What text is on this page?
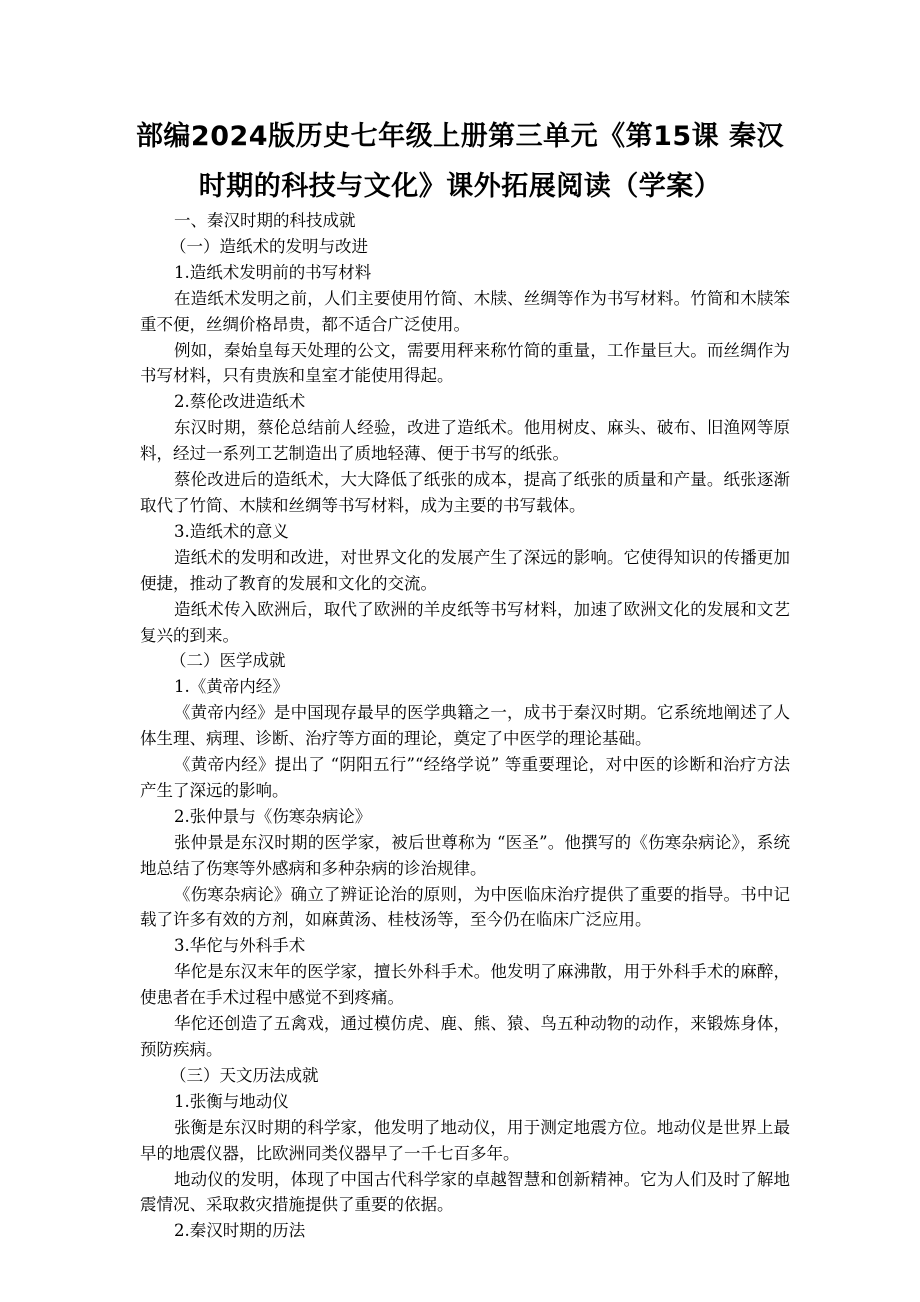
部编2024版历史七年级上册第三单元《第15课 秦汉时期的科技与文化》课外拓展阅读（学案）

一、秦汉时期的科技成就

（一）造纸术的发明与改进

1.造纸术发明前的书写材料

在造纸术发明之前，人们主要使用竹简、木牍、丝绸等作为书写材料。竹简和木牍笨重不便，丝绸价格昂贵，都不适合广泛使用。

例如，秦始皇每天处理的公文，需要用秤来称竹简的重量，工作量巨大。而丝绸作为书写材料，只有贵族和皇室才能使用得起。

2.蔡伦改进造纸术

东汉时期，蔡伦总结前人经验，改进了造纸术。他用树皮、麻头、破布、旧渔网等原料，经过一系列工艺制造出了质地轻薄、便于书写的纸张。

蔡伦改进后的造纸术，大大降低了纸张的成本，提高了纸张的质量和产量。纸张逐渐取代了竹简、木牍和丝绸等书写材料，成为主要的书写载体。

3.造纸术的意义

造纸术的发明和改进，对世界文化的发展产生了深远的影响。它使得知识的传播更加便捷，推动了教育的发展和文化的交流。

造纸术传入欧洲后，取代了欧洲的羊皮纸等书写材料，加速了欧洲文化的发展和文艺复兴的到来。

（二）医学成就

1.《黄帝内经》

《黄帝内经》是中国现存最早的医学典籍之一，成书于秦汉时期。它系统地阐述了人体生理、病理、诊断、治疗等方面的理论，奠定了中医学的理论基础。

《黄帝内经》提出了 “阴阳五行”“经络学说” 等重要理论，对中医的诊断和治疗方法产生了深远的影响。

2.张仲景与《伤寒杂病论》

张仲景是东汉时期的医学家，被后世尊称为 “医圣”。他撰写的《伤寒杂病论》，系统地总结了伤寒等外感病和多种杂病的诊治规律。

《伤寒杂病论》确立了辨证论治的原则，为中医临床治疗提供了重要的指导。书中记载了许多有效的方剂，如麻黄汤、桂枝汤等，至今仍在临床广泛应用。

3.华佗与外科手术

华佗是东汉末年的医学家，擅长外科手术。他发明了麻沸散，用于外科手术的麻醉，使患者在手术过程中感觉不到疼痛。

华佗还创造了五禽戏，通过模仿虎、鹿、熊、猿、鸟五种动物的动作，来锻炼身体，预防疾病。

（三）天文历法成就

1.张衡与地动仪

张衡是东汉时期的科学家，他发明了地动仪，用于测定地震方位。地动仪是世界上最早的地震仪器，比欧洲同类仪器早了一千七百多年。

地动仪的发明，体现了中国古代科学家的卓越智慧和创新精神。它为人们及时了解地震情况、采取救灾措施提供了重要的依据。

2.秦汉时期的历法
